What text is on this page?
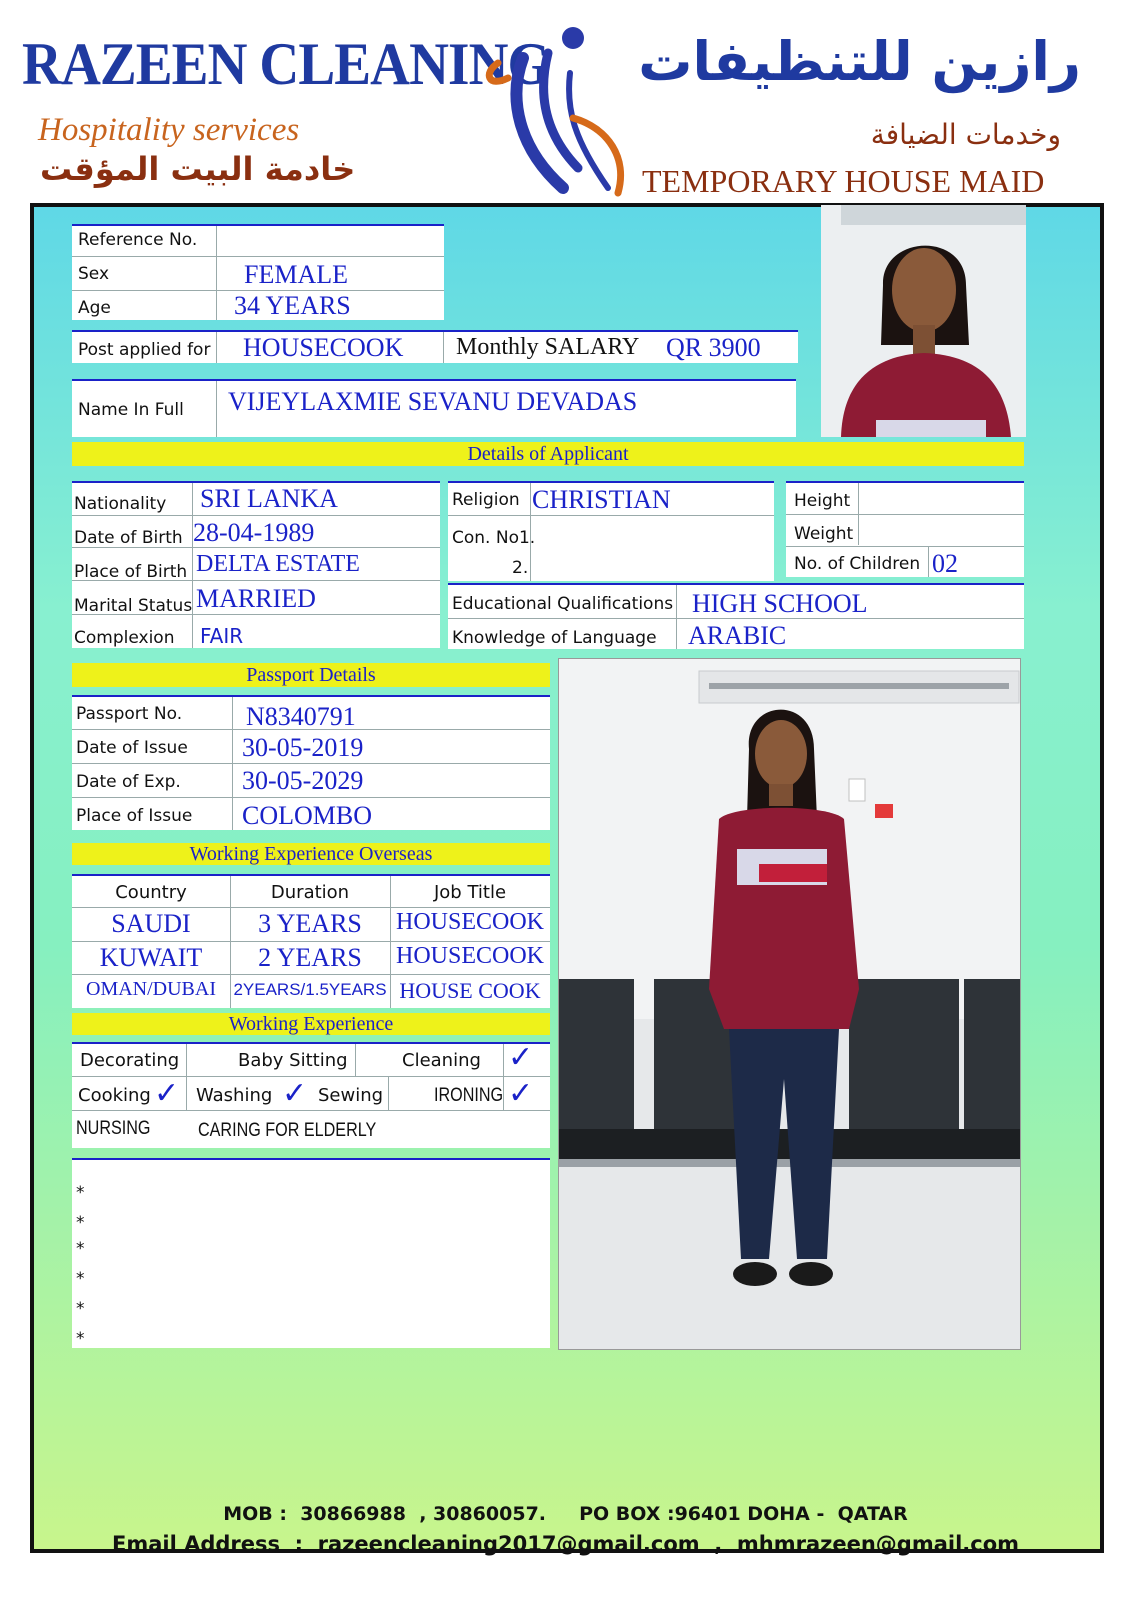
RAZEEN CLEANING
Hospitality services
خادمة البيت المؤقت
رازين للتنظيفات
وخدمات الضيافة
TEMPORARY HOUSE MAID
Reference No.
Sex	FEMALE
Age	34 YEARS
Post applied for HOUSECOOK Monthly SALARY QR 3900
Name In Full VIJEYLAXMIE SEVANU DEVADAS
Details of Applicant
Nationality SRI LANKA
Date of Birth 28-04-1989
Place of Birth DELTA ESTATE
Marital Status MARRIED
Complexion FAIR
Religion CHRISTIAN
Con. No1.
2.
Height
Weight
No. of Children 02
Educational Qualifications HIGH SCHOOL
Knowledge of Language ARABIC
Passport Details
Passport No. N8340791
Date of Issue 30-05-2019
Date of Exp. 30-05-2029
Place of Issue COLOMBO
Working Experience Overseas
Country	Duration	Job Title
SAUDI	3 YEARS	HOUSECOOK
KUWAIT	2 YEARS	HOUSECOOK
OMAN/DUBAI	2YEARS/1.5YEARS HOUSE COOK
Working Experience
Decorating	Baby Sitting	Cleaning ✓
Cooking ✓ Washing ✓ Sewing	IRONING ✓
NURSING	CARING FOR ELDERLY
*
*
*
*
*
*
MOB :  30866988  , 30860057.     PO BOX :96401 DOHA -  QATAR
Email Address  :  razeencleaning2017@gmail.com  ,  mhmrazeen@gmail.com
